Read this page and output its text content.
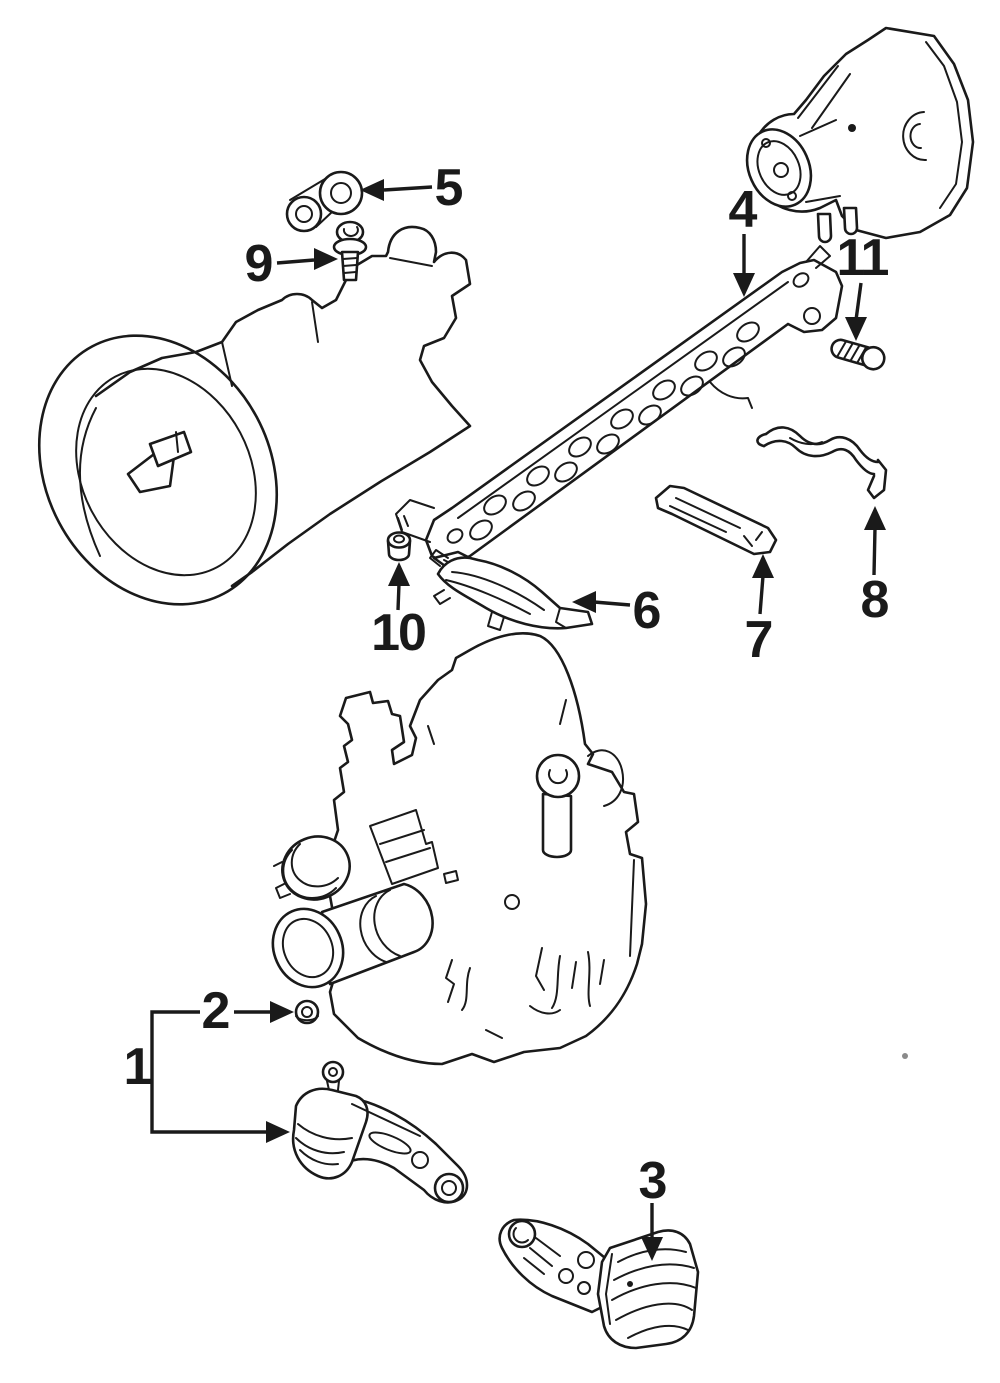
5
9
4
11
10	6 7
8
2
1
3
